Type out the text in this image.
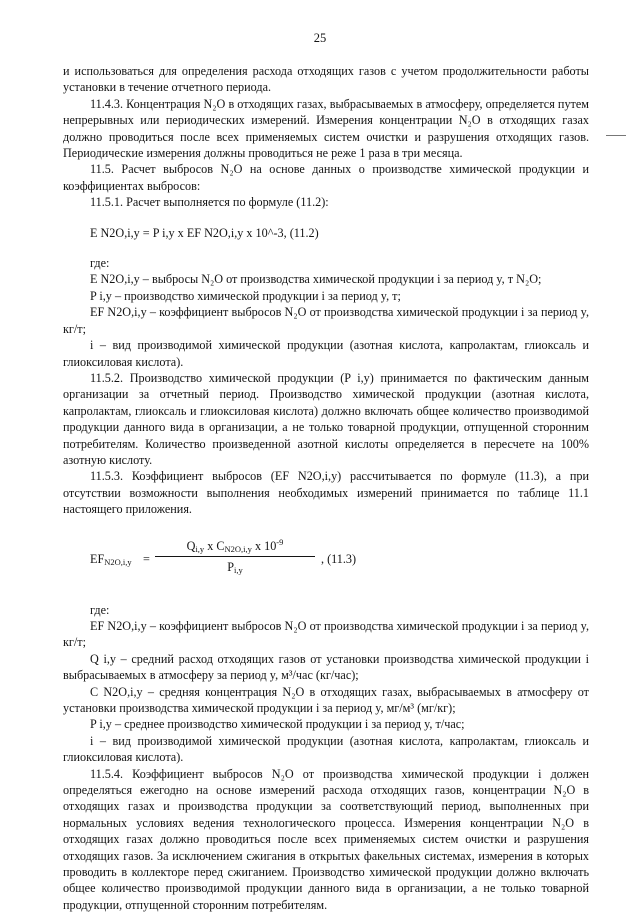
25

и использоваться для определения расхода отходящих газов с учетом продолжительности работы установки в течение отчетного периода.

11.4.3. Концентрация N₂O в отходящих газах, выбрасываемых в атмосферу, определяется путем непрерывных или периодических измерений. Измерения концентрации N₂O в отходящих газах должно проводиться после всех применяемых систем очистки и разрушения отходящих газов. Периодические измерения должны проводиться не реже 1 раза в три месяца.

11.5. Расчет выбросов N₂O на основе данных о производстве химической продукции и коэффициентах выбросов:

11.5.1. Расчет выполняется по формуле (11.2):

E N2O,i,y = P i,y x EF N2O,i,y x 10^-3, (11.2)

где:

E N2O,i,y – выбросы N₂O от производства химической продукции i за период y, т N₂O;

P i,y – производство химической продукции i за период y, т;

EF N2O,i,y – коэффициент выбросов N₂O от производства химической продукции i за период y, кг/т;

i – вид производимой химической продукции (азотная кислота, капролактам, глиоксаль и глиоксиловая кислота).

11.5.2. Производство химической продукции (P i,y) принимается по фактическим данным организации за отчетный период. Производство химической продукции (азотная кислота, капролактам, глиоксаль и глиоксиловая кислота) должно включать общее количество производимой продукции данного вида в организации, а не только товарной продукции, отпущенной сторонним потребителям. Количество произведенной азотной кислоты определяется в пересчете на 100% азотную кислоту.

11.5.3. Коэффициент выбросов (EF N2O,i,y) рассчитывается по формуле (11.3), а при отсутствии возможности выполнения необходимых измерений принимается по таблице 11.1 настоящего приложения.

$EF_{N2O,i,y} = \frac{Q_{i,y} x C_{N2O,i,y} x 10^{-9}}{P_{i,y}}$ , (11.3)

где:

EF N2O,i,y – коэффициент выбросов N₂O от производства химической продукции i за период y, кг/т;

Q i,y – средний расход отходящих газов от установки производства химической продукции i выбрасываемых в атмосферу за период y, м³/час (кг/час);

C N2O,i,y – средняя концентрация N₂O в отходящих газах, выбрасываемых в атмосферу от установки производства химической продукции i за период y, мг/м³ (мг/кг);

P i,y – среднее производство химической продукции i за период y, т/час;

i – вид производимой химической продукции (азотная кислота, капролактам, глиоксаль и глиоксиловая кислота).

11.5.4. Коэффициент выбросов N₂O от производства химической продукции i должен определяться ежегодно на основе измерений расхода отходящих газов, концентрации N₂O в отходящих газах и производства продукции за соответствующий период, выполненных при нормальных условиях ведения технологического процесса. Измерения концентрации N₂O в отходящих газах должно проводиться после всех применяемых систем очистки и разрушения отходящих газов. За исключением сжигания в открытых факельных системах, измерения в которых проводить в коллекторе перед сжиганием. Производство химической продукции должно включать общее количество производимой продукции данного вида в организации, а не только товарной продукции, отпущенной сторонним потребителям.
